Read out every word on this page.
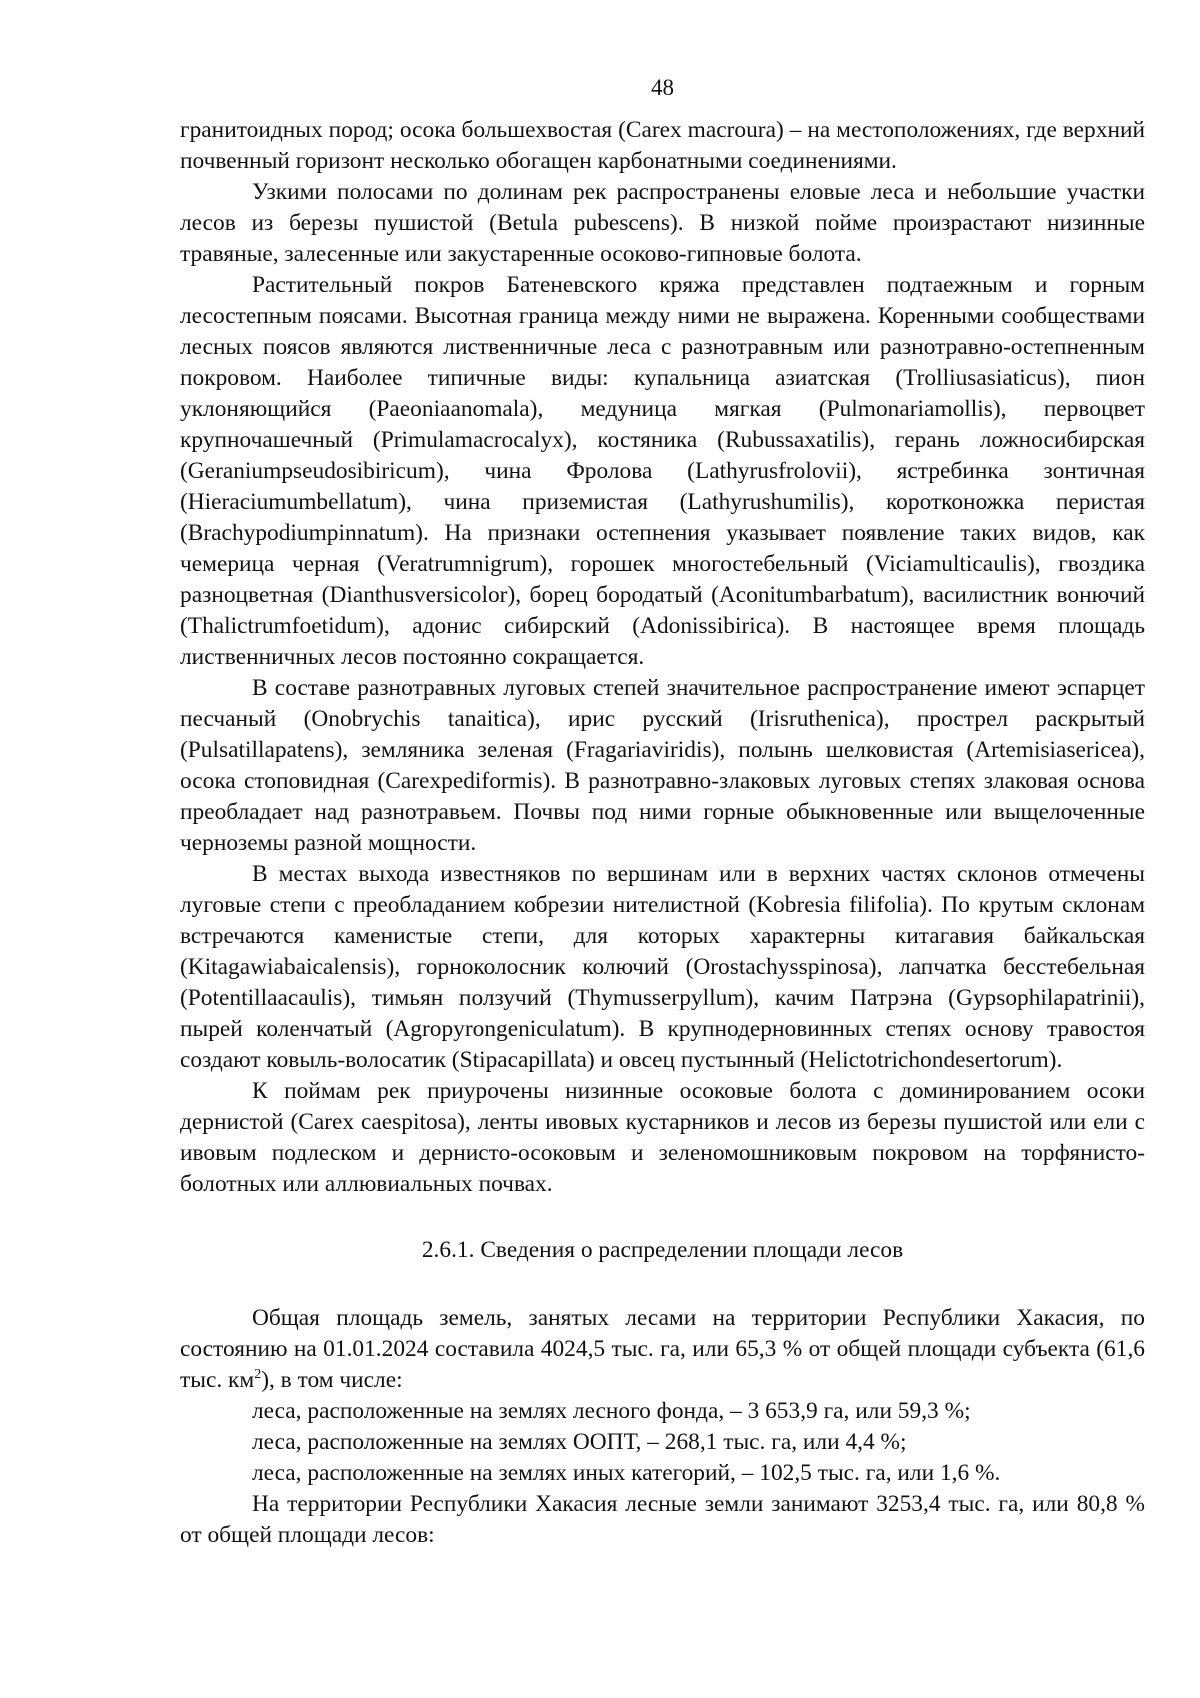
48

гранитоидных пород; осока большехвостая (Carex macroura) – на местоположениях, где верхний почвенный горизонт несколько обогащен карбонатными соединениями.

Узкими полосами по долинам рек распространены еловые леса и небольшие участки лесов из березы пушистой (Betula pubescens). В низкой пойме произрастают низинные травяные, залесенные или закустаренные осоково-гипновые болота.

Растительный покров Батеневского кряжа представлен подтаежным и горным лесостепным поясами. Высотная граница между ними не выражена. Коренными сообществами лесных поясов являются лиственничные леса с разнотравным или разнотравно-остепненным покровом. Наиболее типичные виды: купальница азиатская (Trolliusasiaticus), пион уклоняющийся (Paeoniaanomala), медуница мягкая (Pulmonariamollis), первоцвет крупночашечный (Primulamacrocalyx), костяника (Rubussaxatilis), герань ложносибирская (Geraniumpseudosibiricum), чина Фролова (Lathyrusfrolovii), ястребинка зонтичная (Hieraciumumbellatum), чина приземистая (Lathyrushumilis), коротконожка перистая (Brachypodiumpinnatum). На признаки остепнения указывает появление таких видов, как чемерица черная (Veratrumnigrum), горошек многостебельный (Viciamulticaulis), гвоздика разноцветная (Dianthusversicolor), борец бородатый (Aconitumbarbatum), василистник вонючий (Thalictrumfoetidum), адонис сибирский (Adonissibirica). В настоящее время площадь лиственничных лесов постоянно сокращается.

В составе разнотравных луговых степей значительное распространение имеют эспарцет песчаный (Onobrychis tanaitica), ирис русский (Irisruthenica), прострел раскрытый (Pulsatillapatens), земляника зеленая (Fragariaviridis), полынь шелковистая (Artemisiasericea), осока стоповидная (Carexpediformis). В разнотравно-злаковых луговых степях злаковая основа преобладает над разнотравьем. Почвы под ними горные обыкновенные или выщелоченные черноземы разной мощности.

В местах выхода известняков по вершинам или в верхних частях склонов отмечены луговые степи с преобладанием кобрезии нителистной (Kobresia filifolia). По крутым склонам встречаются каменистые степи, для которых характерны китагавия байкальская (Kitagawiabaicalensis), горноколосник колючий (Orostachysspinosa), лапчатка бесстебельная (Potentillaacaulis), тимьян ползучий (Thymusserpyllum), качим Патрэна (Gypsophilapatrinii), пырей коленчатый (Agropyrongeniculatum). В крупнодерновинных степях основу травостоя создают ковыль-волосатик (Stipacapillata) и овсец пустынный (Helictotrichondesertorum).

К поймам рек приурочены низинные осоковые болота с доминированием осоки дернистой (Carex caespitosa), ленты ивовых кустарников и лесов из березы пушистой или ели с ивовым подлеском и дернисто-осоковым и зеленомошниковым покровом на торфянисто-болотных или аллювиальных почвах.

2.6.1. Сведения о распределении площади лесов

Общая площадь земель, занятых лесами на территории Республики Хакасия, по состоянию на 01.01.2024 составила 4024,5 тыс. га, или 65,3 % от общей площади субъекта (61,6 тыс. $км^2$), в том числе:

леса, расположенные на землях лесного фонда, – 3 653,9 га, или 59,3 %;

леса, расположенные на землях ООПТ, – 268,1 тыс. га, или 4,4 %;

леса, расположенные на землях иных категорий, – 102,5 тыс. га, или 1,6 %.

На территории Республики Хакасия лесные земли занимают 3253,4 тыс. га, или 80,8 % от общей площади лесов:
